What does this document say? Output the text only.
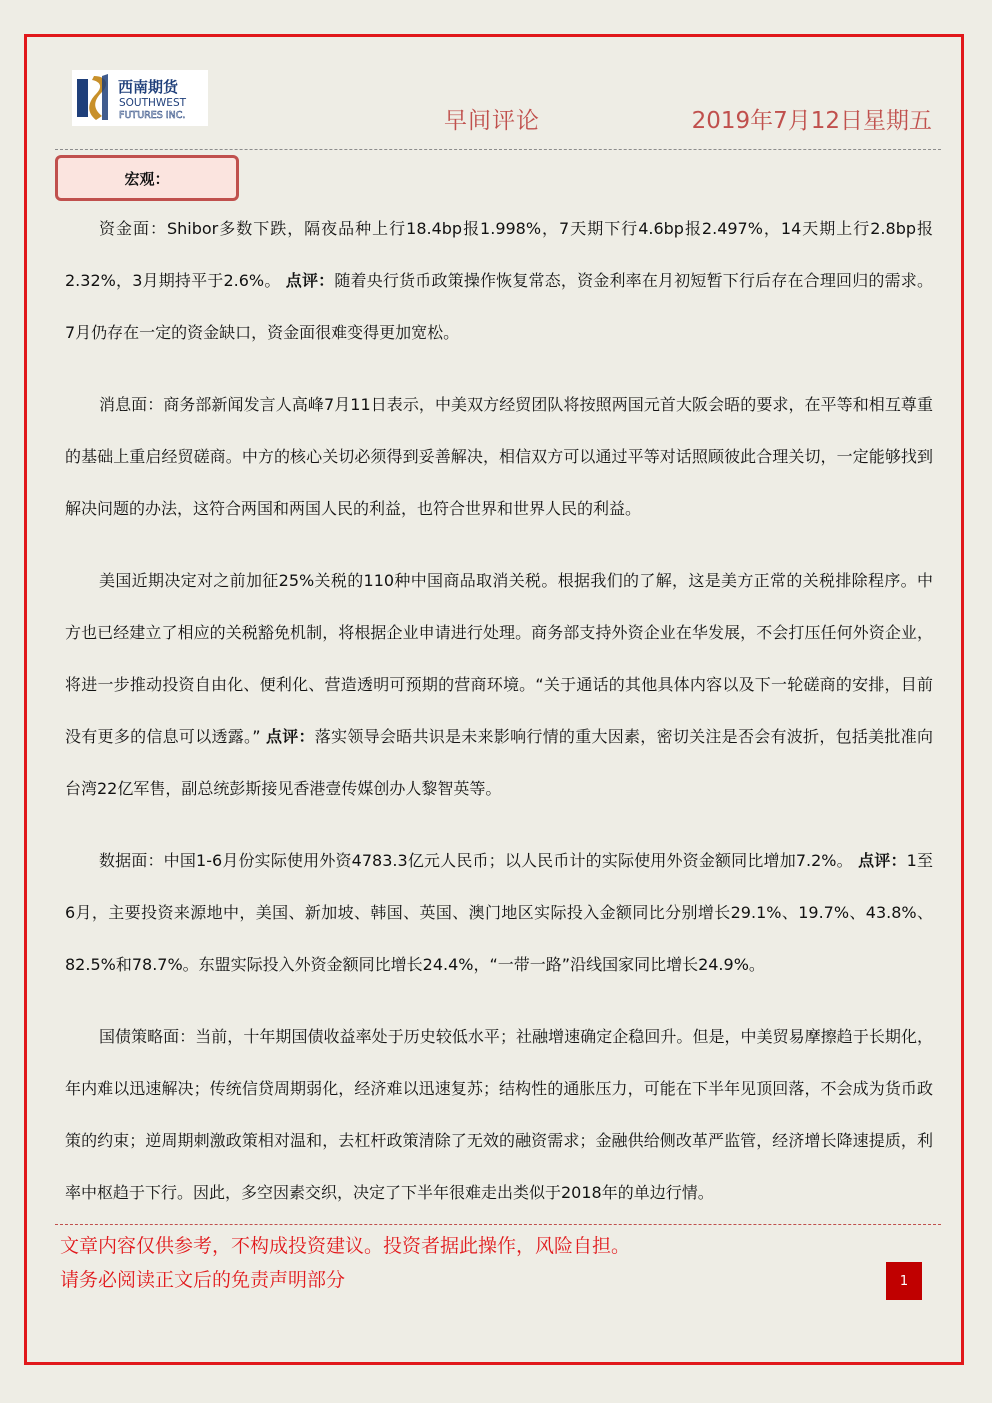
西南期货
SOUTHWEST
FUTURES INC.	早间评论	2019年7月12日星期五
宏观：

资金面：Shibor多数下跌，隔夜品种上行18.4bp报1.998%，7天期下行4.6bp报2.497%，14天期上行2.8bp报2.32%，3月期持平于2.6%。 点评：随着央行货币政策操作恢复常态，资金利率在月初短暂下行后存在合理回归的需求。7月仍存在一定的资金缺口，资金面很难变得更加宽松。

消息面：商务部新闻发言人高峰7月11日表示，中美双方经贸团队将按照两国元首大阪会晤的要求，在平等和相互尊重的基础上重启经贸磋商。中方的核心关切必须得到妥善解决，相信双方可以通过平等对话照顾彼此合理关切，一定能够找到解决问题的办法，这符合两国和两国人民的利益，也符合世界和世界人民的利益。

美国近期决定对之前加征25%关税的110种中国商品取消关税。根据我们的了解，这是美方正常的关税排除程序。中方也已经建立了相应的关税豁免机制，将根据企业申请进行处理。商务部支持外资企业在华发展，不会打压任何外资企业，将进一步推动投资自由化、便利化、营造透明可预期的营商环境。“关于通话的其他具体内容以及下一轮磋商的安排，目前没有更多的信息可以透露。” 点评：落实领导会晤共识是未来影响行情的重大因素，密切关注是否会有波折，包括美批准向台湾22亿军售，副总统彭斯接见香港壹传媒创办人黎智英等。

数据面：中国1-6月份实际使用外资4783.3亿元人民币；以人民币计的实际使用外资金额同比增加7.2%。 点评：1至6月，主要投资来源地中，美国、新加坡、韩国、英国、澳门地区实际投入金额同比分别增长29.1%、19.7%、43.8%、82.5%和78.7%。东盟实际投入外资金额同比增长24.4%，“一带一路”沿线国家同比增长24.9%。

国债策略面：当前，十年期国债收益率处于历史较低水平；社融增速确定企稳回升。但是，中美贸易摩擦趋于长期化，年内难以迅速解决；传统信贷周期弱化，经济难以迅速复苏；结构性的通胀压力，可能在下半年见顶回落，不会成为货币政策的约束；逆周期刺激政策相对温和，去杠杆政策清除了无效的融资需求；金融供给侧改革严监管，经济增长降速提质，利率中枢趋于下行。因此，多空因素交织，决定了下半年很难走出类似于2018年的单边行情。

文章内容仅供参考，不构成投资建议。投资者据此操作，风险自担。
请务必阅读正文后的免责声明部分	1
